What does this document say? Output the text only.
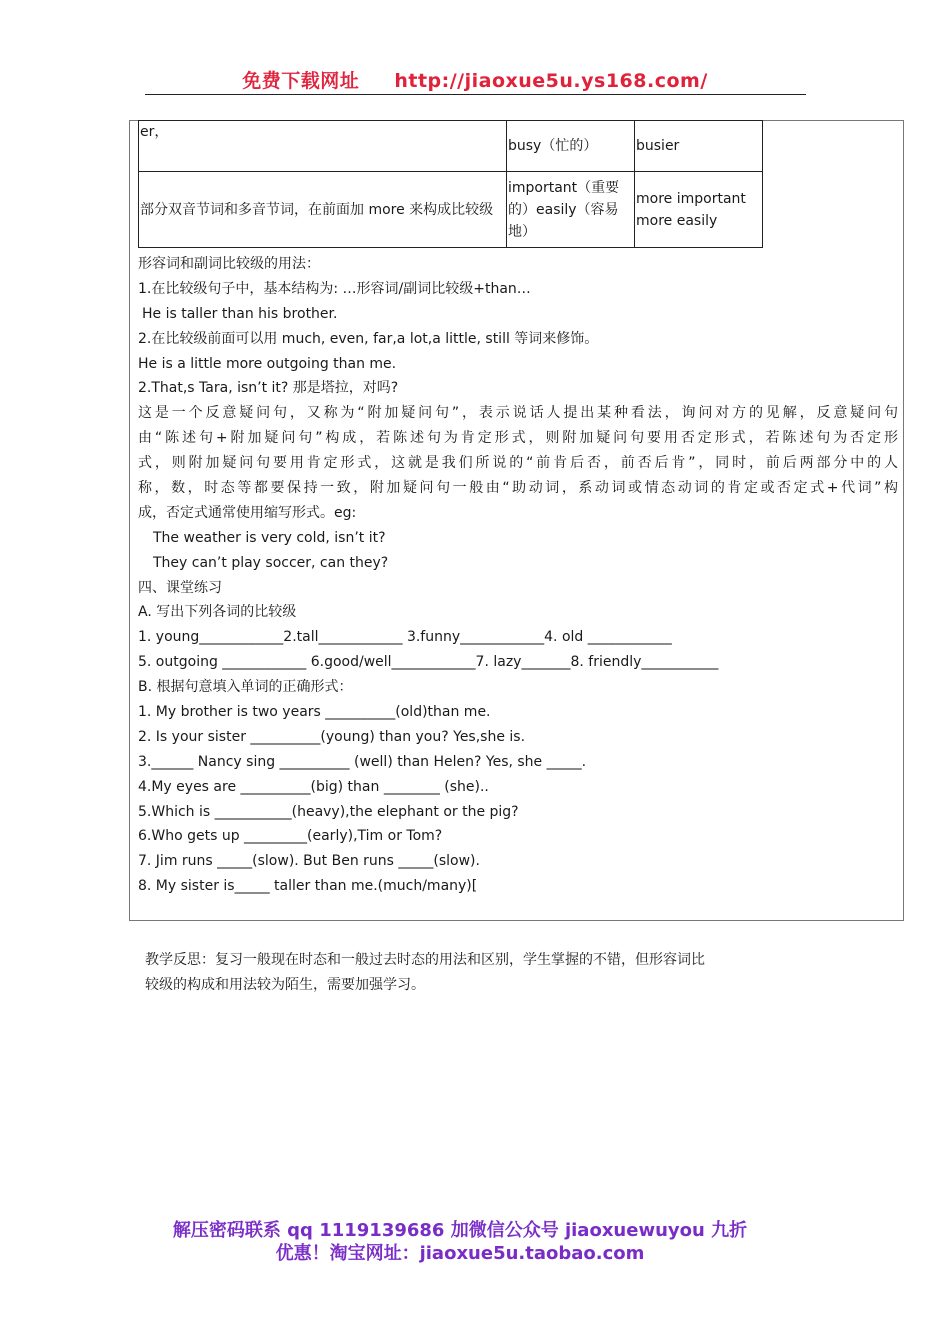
免费下载网址 http://jiaoxue5u.ys168.com/
er，	busy（忙的）	busier
部分双音节词和多音节词，在前面加 more 来构成比较级	important（重要的）easily（容易地）	more important
more easily
形容词和副词比较级的用法：
1.在比较级句子中，基本结构为: …形容词/副词比较级+than…
He is taller than his brother.
2.在比较级前面可以用 much, even, far,a lot,a little, still 等词来修饰。
He is a little more outgoing than me.
2.That,s Tara, isn’t it? 那是塔拉，对吗?
这是一个反意疑问句，又称为“附加疑问句”，表示说话人提出某种看法，询问对方的见解，反意疑问句
由“陈述句+附加疑问句”构成，若陈述句为肯定形式，则附加疑问句要用否定形式，若陈述句为否定形
式，则附加疑问句要用肯定形式，这就是我们所说的“前肯后否，前否后肯”，同时，前后两部分中的人
称，数，时态等都要保持一致，附加疑问句一般由“助动词，系动词或情态动词的肯定或否定式+代词”构
成，否定式通常使用缩写形式。eg:
The weather is very cold, isn’t it?
They can’t play soccer, can they?
四、课堂练习
A. 写出下列各词的比较级
1. young____________2.tall____________ 3.funny____________4. old ____________
5. outgoing ____________ 6.good/well____________7. lazy_______8. friendly___________
B. 根据句意填入单词的正确形式：
1. My brother is two years __________(old)than me.
2. Is your sister __________(young) than you? Yes,she is.
3.______ Nancy sing __________ (well) than Helen? Yes, she _____.
4.My eyes are __________(big) than ________ (she)..
5.Which is ___________(heavy),the elephant or the pig?
6.Who gets up _________(early),Tim or Tom?
7. Jim runs _____(slow). But Ben runs _____(slow).
8. My sister is_____ taller than me.(much/many)[
教学反思：复习一般现在时态和一般过去时态的用法和区别，学生掌握的不错，但形容词比
较级的构成和用法较为陌生，需要加强学习。
解压密码联系 qq 1119139686 加微信公众号 jiaoxuewuyou 九折
优惠！淘宝网址：jiaoxue5u.taobao.com
